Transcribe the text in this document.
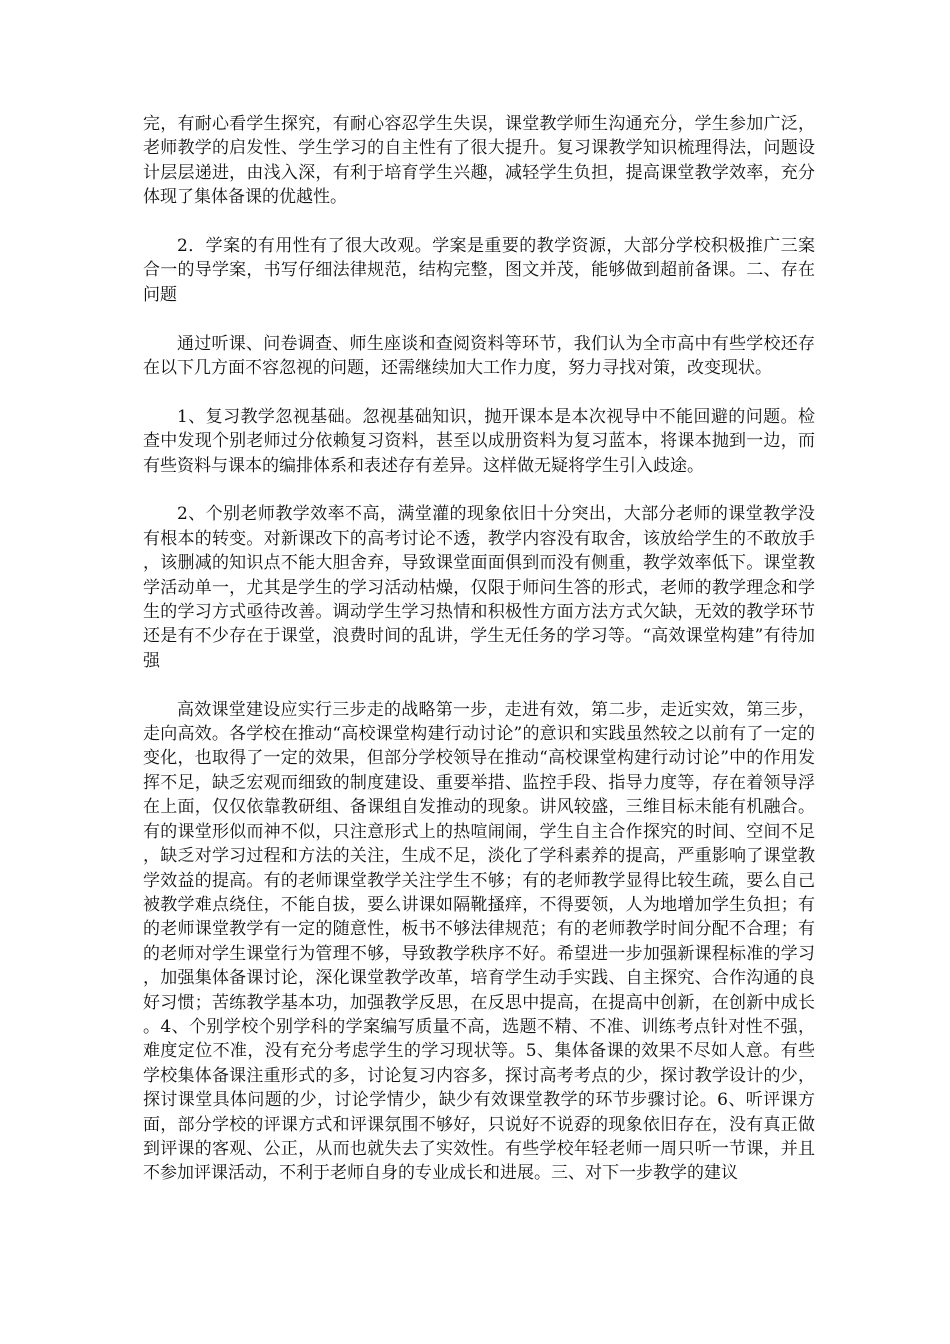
完，有耐心看学生探究，有耐心容忍学生失误，课堂教学师生沟通充分，学生参加广泛，老师教学的启发性、学生学习的自主性有了很大提升。复习课教学知识梳理得法，问题设计层层递进，由浅入深，有利于培育学生兴趣，减轻学生负担，提高课堂教学效率，充分体现了集体备课的优越性。

2．学案的有用性有了很大改观。学案是重要的教学资源，大部分学校积极推广三案合一的导学案，书写仔细法律规范，结构完整，图文并茂，能够做到超前备课。二、存在问题

通过听课、问卷调查、师生座谈和查阅资料等环节，我们认为全市高中有些学校还存在以下几方面不容忽视的问题，还需继续加大工作力度，努力寻找对策，改变现状。

1、复习教学忽视基础。忽视基础知识，抛开课本是本次视导中不能回避的问题。检查中发现个别老师过分依赖复习资料，甚至以成册资料为复习蓝本，将课本抛到一边，而有些资料与课本的编排体系和表述存有差异。这样做无疑将学生引入歧途。

2、个别老师教学效率不高，满堂灌的现象依旧十分突出，大部分老师的课堂教学没有根本的转变。对新课改下的高考讨论不透，教学内容没有取舍，该放给学生的不敢放手，该删减的知识点不能大胆舍弃，导致课堂面面俱到而没有侧重，教学效率低下。课堂教学活动单一，尤其是学生的学习活动枯燥，仅限于师问生答的形式，老师的教学理念和学生的学习方式亟待改善。调动学生学习热情和积极性方面方法方式欠缺，无效的教学环节还是有不少存在于课堂，浪费时间的乱讲，学生无任务的学习等。“高效课堂构建”有待加强

高效课堂建设应实行三步走的战略第一步，走进有效，第二步，走近实效，第三步，走向高效。各学校在推动“高校课堂构建行动讨论”的意识和实践虽然较之以前有了一定的变化，也取得了一定的效果，但部分学校领导在推动“高校课堂构建行动讨论”中的作用发挥不足，缺乏宏观而细致的制度建设、重要举措、监控手段、指导力度等，存在着领导浮在上面，仅仅依靠教研组、备课组自发推动的现象。讲风较盛，三维目标未能有机融合。有的课堂形似而神不似，只注意形式上的热喧闹闹，学生自主合作探究的时间、空间不足，缺乏对学习过程和方法的关注，生成不足，淡化了学科素养的提高，严重影响了课堂教学效益的提高。有的老师课堂教学关注学生不够；有的老师教学显得比较生疏，要么自己被教学难点绕住，不能自拔，要么讲课如隔靴搔痒，不得要领，人为地增加学生负担；有的老师课堂教学有一定的随意性，板书不够法律规范；有的老师教学时间分配不合理；有的老师对学生课堂行为管理不够，导致教学秩序不好。希望进一步加强新课程标准的学习，加强集体备课讨论，深化课堂教学改革，培育学生动手实践、自主探究、合作沟通的良好习惯；苦练教学基本功，加强教学反思，在反思中提高，在提高中创新，在创新中成长。4、个别学校个别学科的学案编写质量不高，选题不精、不准、训练考点针对性不强，难度定位不准，没有充分考虑学生的学习现状等。5、集体备课的效果不尽如人意。有些学校集体备课注重形式的多，讨论复习内容多，探讨高考考点的少，探讨教学设计的少，探讨课堂具体问题的少，讨论学情少，缺少有效课堂教学的环节步骤讨论。6、听评课方面，部分学校的评课方式和评课氛围不够好，只说好不说孬的现象依旧存在，没有真正做到评课的客观、公正，从而也就失去了实效性。有些学校年轻老师一周只听一节课，并且不参加评课活动，不利于老师自身的专业成长和进展。三、对下一步教学的建议
